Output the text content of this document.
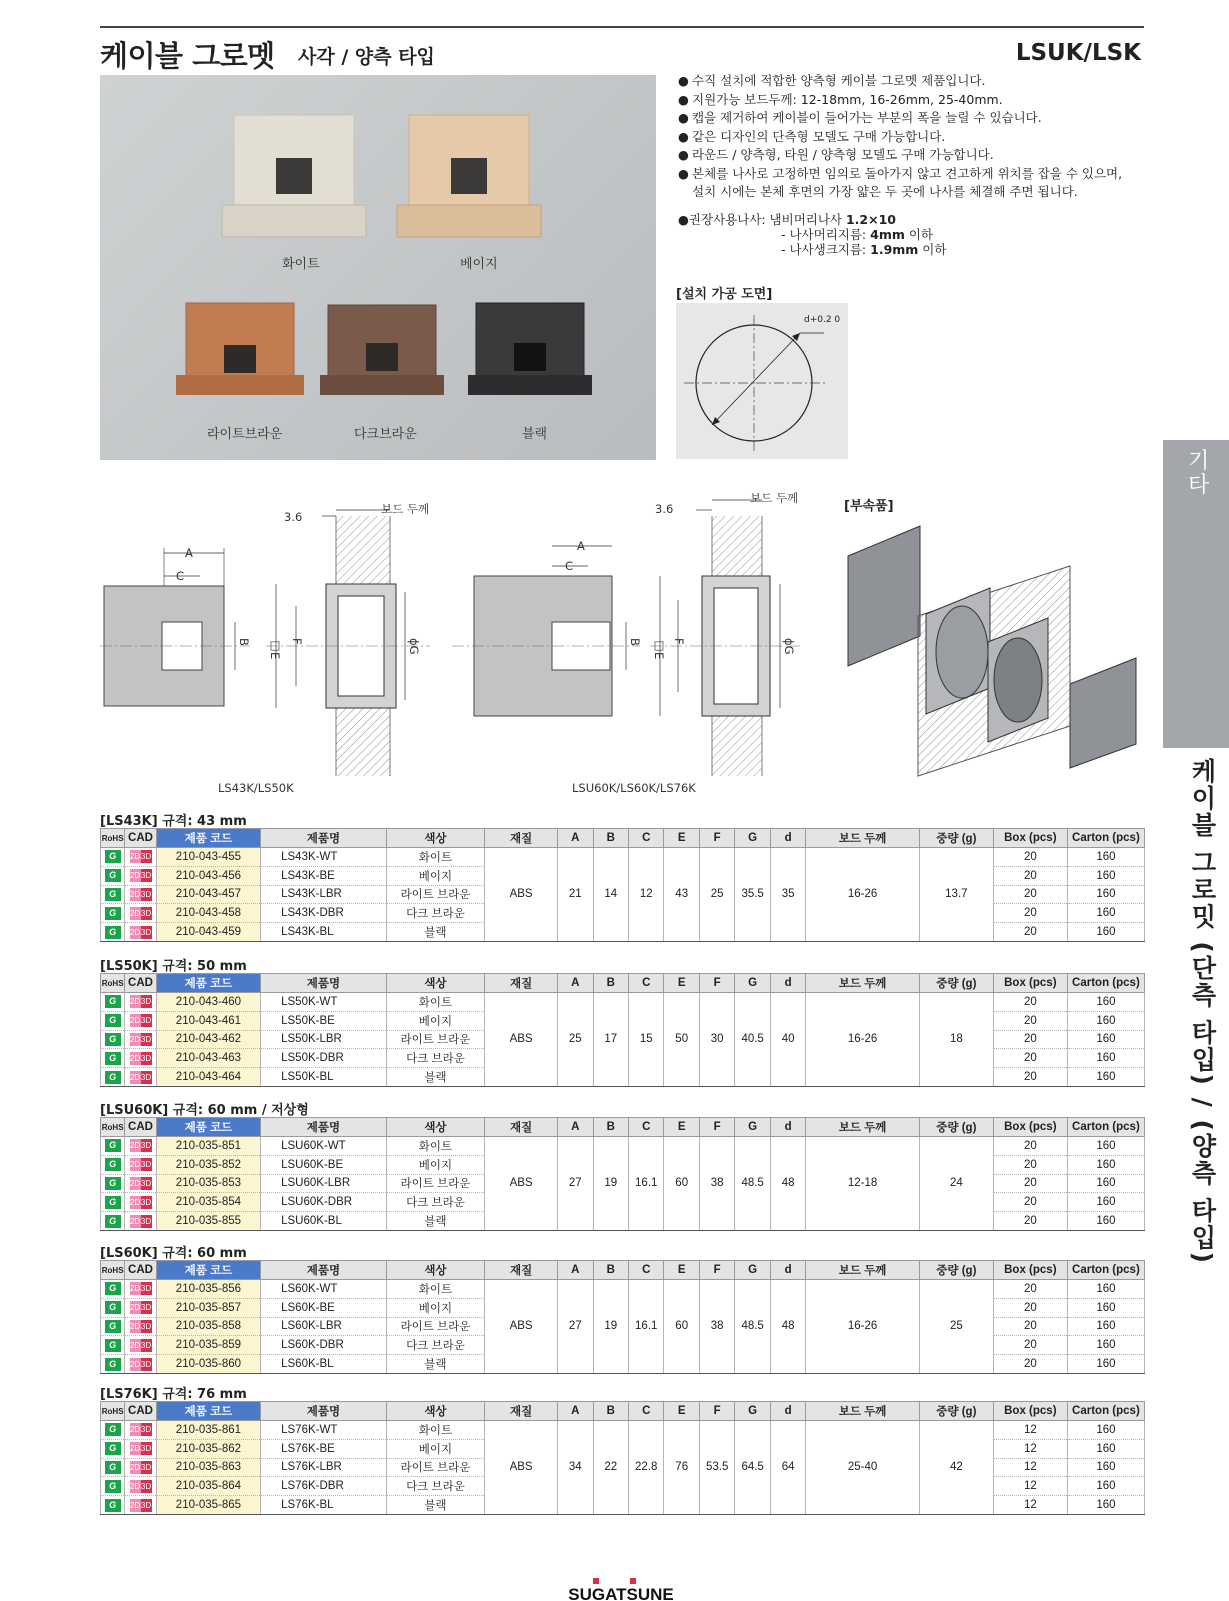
케이블 그로멧 사각 / 양측 타입	LSUK/LSK
화이트	베이지
라이트브라운	다크브라운	블랙
● 수직 설치에 적합한 양측형 케이블 그로멧 제품입니다.
● 지원가능 보드두께: 12-18mm, 16-26mm, 25-40mm.
● 캡을 제거하여 케이블이 들어가는 부분의 폭을 늘릴 수 있습니다.
● 같은 디자인의 단측형 모델도 구매 가능합니다.
● 라운드 / 양측형, 타원 / 양측형 모델도 구매 가능합니다.
● 본체를 나사로 고정하면 임의로 돌아가지 않고 견고하게 위치를 잡을 수 있으며,
설치 시에는 본체 후면의 가장 얇은 두 곳에 나사를 체결해 주면 됩니다.
●권장사용나사: 냄비머리나사 1.2×10
- 나사머리지름: 4mm 이하
- 나사생크지름: 1.9mm 이하
[설치 가공 도면]
d+0.2 0
[부속품]
3.6
보드 두께
A
C
B □E F	ϕG
3.6
보드 두께
A
C
B □E F	ϕG
LS43K/LS50K	LSU60K/LS60K/LS76K
기타
케이블 그로밋 (단측 타입) / (양측 타입)
[LS43K] 규격: 43 mm
RoHS	CAD	제품 코드	제품명	색상	재질	A	B	C	E	F	G	d	보드 두께	중량 (g)	Box (pcs)	Carton (pcs)
G	2D3D	210-043-455	LS43K-WT	화이트	ABS	21	14	12	43	25	35.5	35	16-26	13.7	20	160
G	2D3D	210-043-456	LS43K-BE	베이지											20	160
G	2D3D	210-043-457	LS43K-LBR	라이트 브라운											20	160
G	2D3D	210-043-458	LS43K-DBR	다크 브라운											20	160
G	2D3D	210-043-459	LS43K-BL	블랙											20	160
[LS50K] 규격: 50 mm
RoHS	CAD	제품 코드	제품명	색상	재질	A	B	C	E	F	G	d	보드 두께	중량 (g)	Box (pcs)	Carton (pcs)
G	2D3D	210-043-460	LS50K-WT	화이트	ABS	25	17	15	50	30	40.5	40	16-26	18	20	160
G	2D3D	210-043-461	LS50K-BE	베이지											20	160
G	2D3D	210-043-462	LS50K-LBR	라이트 브라운											20	160
G	2D3D	210-043-463	LS50K-DBR	다크 브라운											20	160
G	2D3D	210-043-464	LS50K-BL	블랙											20	160
[LSU60K] 규격: 60 mm / 저상형
RoHS	CAD	제품 코드	제품명	색상	재질	A	B	C	E	F	G	d	보드 두께	중량 (g)	Box (pcs)	Carton (pcs)
G	2D3D	210-035-851	LSU60K-WT	화이트	ABS	27	19	16.1	60	38	48.5	48	12-18	24	20	160
G	2D3D	210-035-852	LSU60K-BE	베이지											20	160
G	2D3D	210-035-853	LSU60K-LBR	라이트 브라운											20	160
G	2D3D	210-035-854	LSU60K-DBR	다크 브라운											20	160
G	2D3D	210-035-855	LSU60K-BL	블랙											20	160
[LS60K] 규격: 60 mm
RoHS	CAD	제품 코드	제품명	색상	재질	A	B	C	E	F	G	d	보드 두께	중량 (g)	Box (pcs)	Carton (pcs)
G	2D3D	210-035-856	LS60K-WT	화이트	ABS	27	19	16.1	60	38	48.5	48	16-26	25	20	160
G	2D3D	210-035-857	LS60K-BE	베이지											20	160
G	2D3D	210-035-858	LS60K-LBR	라이트 브라운											20	160
G	2D3D	210-035-859	LS60K-DBR	다크 브라운											20	160
G	2D3D	210-035-860	LS60K-BL	블랙											20	160
[LS76K] 규격: 76 mm
RoHS	CAD	제품 코드	제품명	색상	재질	A	B	C	E	F	G	d	보드 두께	중량 (g)	Box (pcs)	Carton (pcs)
G	2D3D	210-035-861	LS76K-WT	화이트	ABS	34	22	22.8	76	53.5	64.5	64	25-40	42	12	160
G	2D3D	210-035-862	LS76K-BE	베이지											12	160
G	2D3D	210-035-863	LS76K-LBR	라이트 브라운											12	160
G	2D3D	210-035-864	LS76K-DBR	다크 브라운											12	160
G	2D3D	210-035-865	LS76K-BL	블랙											12	160
SUGATSUNE
